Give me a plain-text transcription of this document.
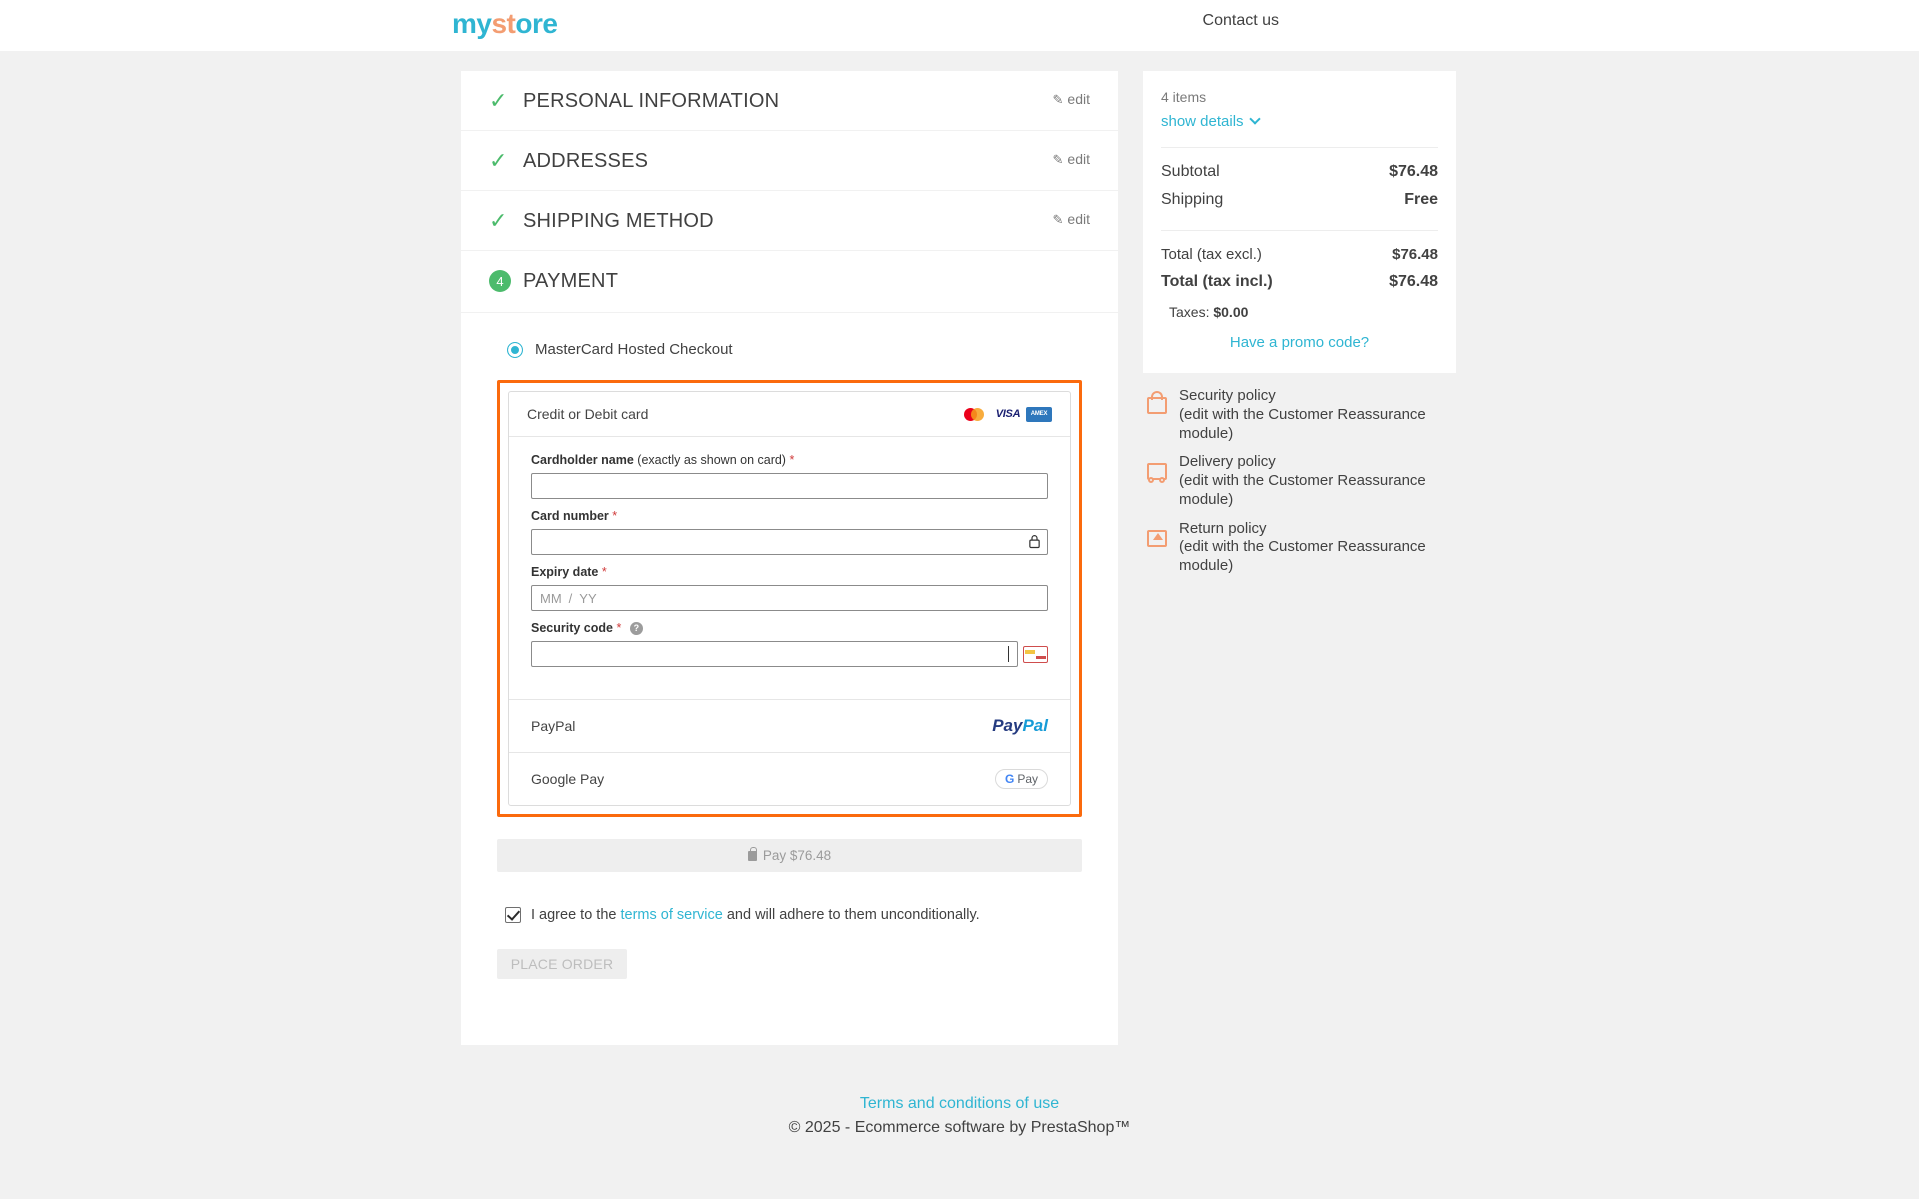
mystore	Contact us
✓ PERSONAL INFORMATION	✎ edit
✓ ADDRESSES	✎ edit
✓ SHIPPING METHOD	✎ edit
4 PAYMENT
MasterCard Hosted Checkout
Credit or Debit card	VISA	AMEX
Cardholder name (exactly as shown on card) *
Card number *
Expiry date *
MM / YY
Security code * ?
PayPal	PayPal
Google Pay	G Pay
Pay $76.48
I agree to the terms of service and will adhere to them unconditionally.
PLACE ORDER
4 items
show details
Subtotal	$76.48
Shipping	Free
Total (tax excl.)	$76.48
Total (tax incl.)	$76.48
Taxes: $0.00
Have a promo code?
Security policy
(edit with the Customer Reassurance module)
Delivery policy
(edit with the Customer Reassurance module)
Return policy
(edit with the Customer Reassurance module)
Terms and conditions of use
© 2025 - Ecommerce software by PrestaShop™
